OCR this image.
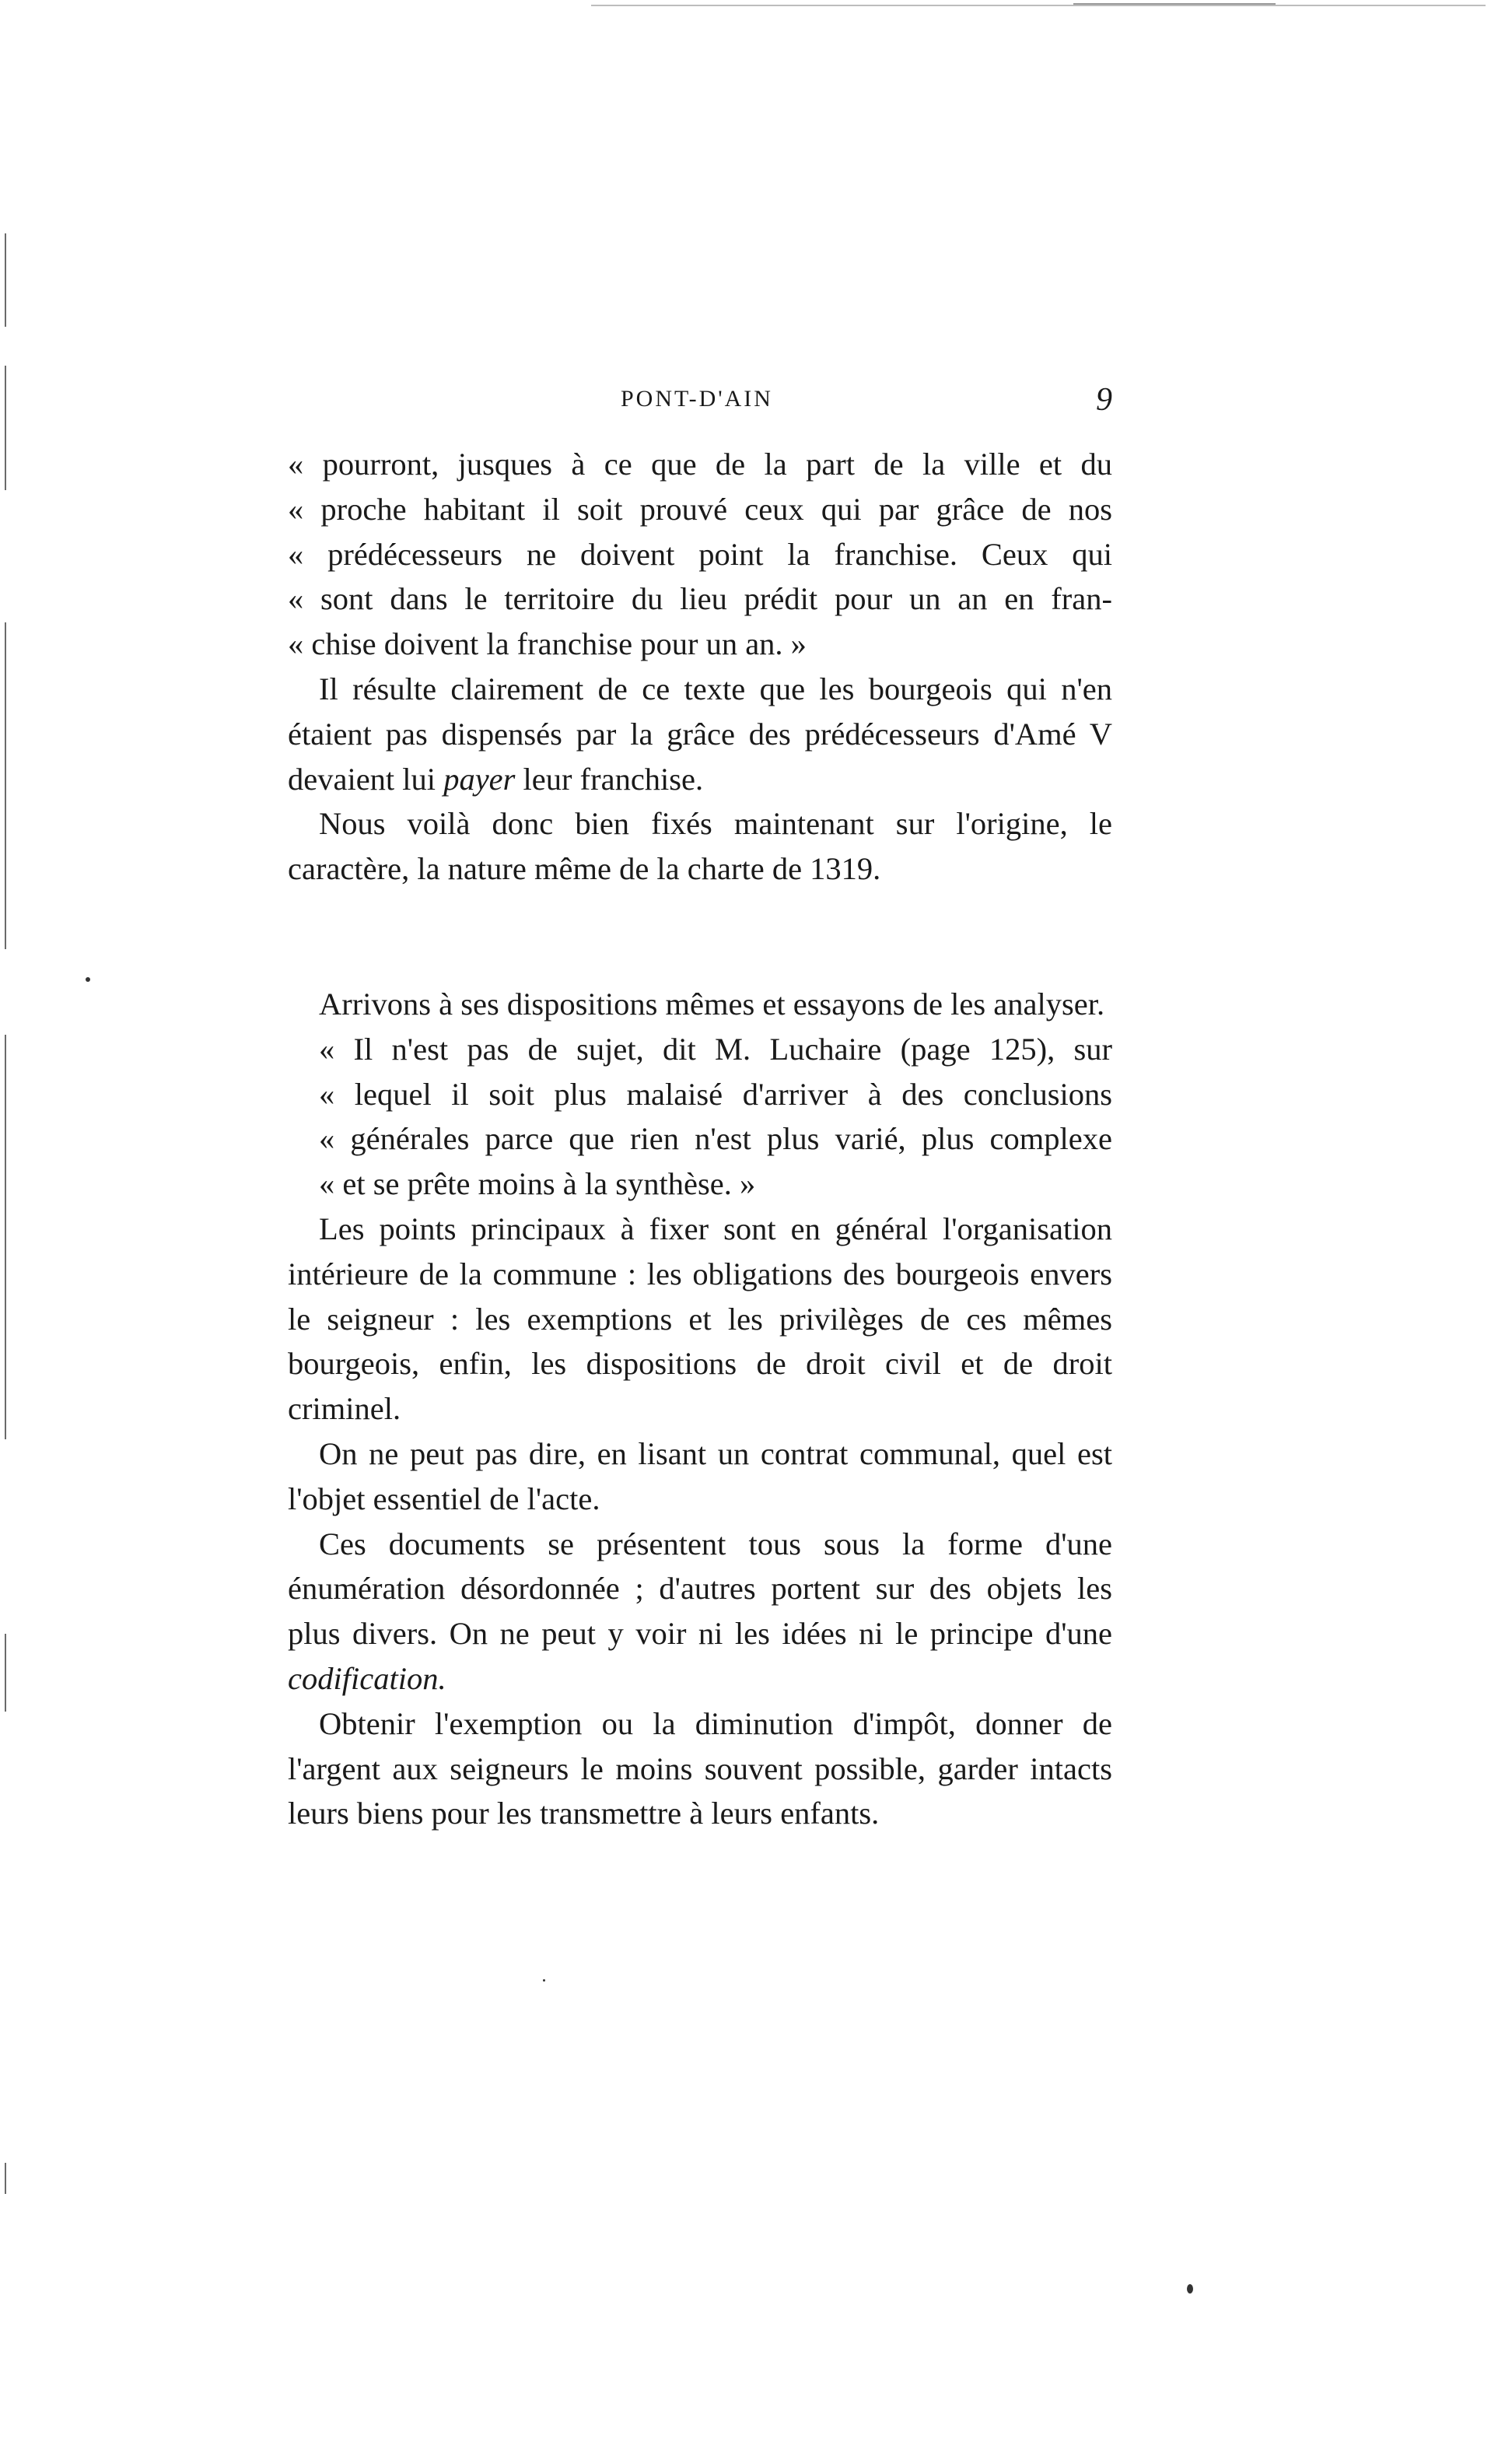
PONT-D'AIN	9
« pourront, jusques à ce que de la part de la ville et du
« proche habitant il soit prouvé ceux qui par grâce de nos
« prédécesseurs ne doivent point la franchise. Ceux qui
« sont dans le territoire du lieu prédit pour un an en fran-
« chise doivent la franchise pour un an. »

Il résulte clairement de ce texte que les bourgeois qui n'en étaient pas dispensés par la grâce des prédécesseurs d'Amé V devaient lui payer leur franchise.

Nous voilà donc bien fixés maintenant sur l'origine, le caractère, la nature même de la charte de 1319.

Arrivons à ses dispositions mêmes et essayons de les analyser.

« Il n'est pas de sujet, dit M. Luchaire (page 125), sur
« lequel il soit plus malaisé d'arriver à des conclusions
« générales parce que rien n'est plus varié, plus complexe
« et se prête moins à la synthèse. »

Les points principaux à fixer sont en général l'organisation intérieure de la commune : les obligations des bourgeois envers le seigneur : les exemptions et les privilèges de ces mêmes bourgeois, enfin, les dispositions de droit civil et de droit criminel.

On ne peut pas dire, en lisant un contrat communal, quel est l'objet essentiel de l'acte.

Ces documents se présentent tous sous la forme d'une énumération désordonnée ; d'autres portent sur des objets les plus divers. On ne peut y voir ni les idées ni le principe d'une codification.

Obtenir l'exemption ou la diminution d'impôt, donner de l'argent aux seigneurs le moins souvent possible, garder intacts leurs biens pour les transmettre à leurs enfants.
